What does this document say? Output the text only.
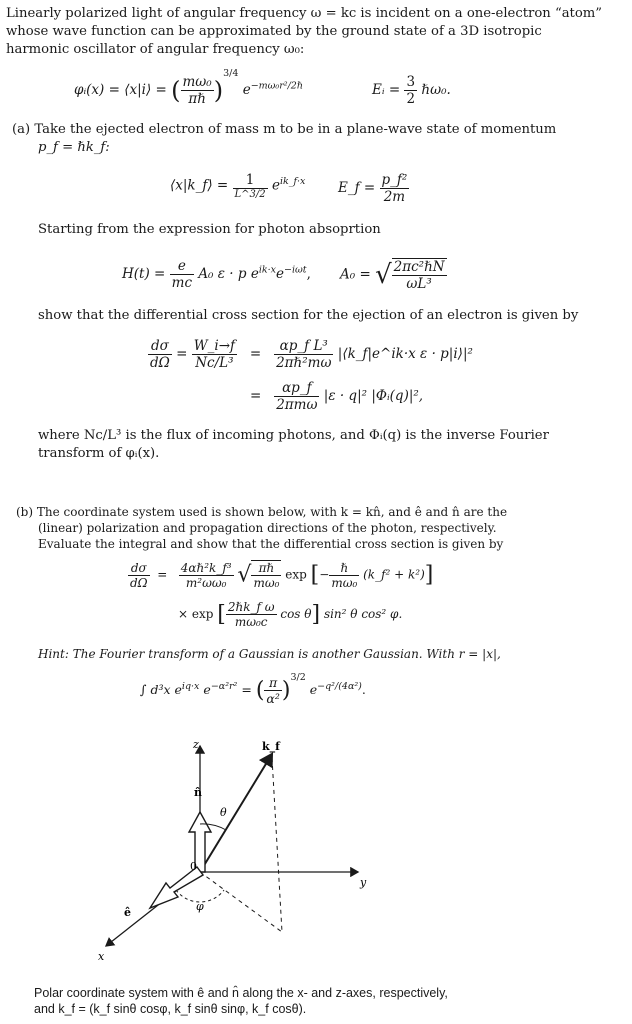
Linearly polarized light of angular frequency ω = kc is incident on a one-electron “atom”
whose wave function can be approximated by the ground state of a 3D isotropic
harmonic oscillator of angular frequency ω₀:
φᵢ(x) = ⟨x|i⟩ = ( $\frac{\text{mω₀}}{\text{πℏ}} )^{3/4}$ $e^{-m\omega_0r^2/2\hbar}$	Eᵢ = $\frac{3}{2}$ ℏω₀.
(a) Take the ejected electron of mass m to be in a plane-wave state of momentum
p_f = ℏk_f:
⟨x|k_f⟩ = $\frac{1}{L\^{}3/2} e^{ik\_f\cdot x}$ E_f = $\frac{\text{p\_f²}}{2m}$
Starting from the expression for photon absoprtion
$H(t) = \frac{e}{mc} A_0$ ε · p $e^{ik\cdot x}e^{-i\omega t}$, A₀ = √ $\frac{\text{2πc²ℏN}}{\text{ωL³}}$
show that the differential cross section for the ejection of an electron is given by
$\frac{d\sigma}{d\Omega} = \frac{W\_i\to f}{\text{Nc/L³}} = \frac{\text{αp\_f L³}}{\text{2πℏ²mω}}$ |⟨k_f|e^ik·x ε · p|i⟩|²
= $\frac{\alpha p\_f}{\text{2πmω}} |\varepsilon \cdot q|^2$ |Φᵢ(q)|²,
where Nc/L³ is the flux of incoming photons, and Φᵢ(q) is the inverse Fourier
transform of φᵢ(x).
(b) The coordinate system used is shown below, with k = kn̂, and ê and n̂ are the
(linear) polarization and propagation directions of the photon, respectively.
Evaluate the integral and show that the differential cross section is given by
$\frac{d\sigma}{d\Omega} = \frac{\text{4αℏ²k\_f³}}{\text{m²ωω₀}}$ √ $\frac{\text{πℏ}}{\text{mω₀}}$ exp [− $\frac{\text{ℏ}}{\text{mω₀}}$ (k_f² + k²)]
× exp [ $\frac{\text{2ℏk\_f ω}}{\text{mω₀c}}$ cos θ] sin² θ cos² φ.
Hint: The Fourier transform of a Gaussian is another Gaussian. With r = |x|,
∫ d³x $e^{iq\cdot x}$ $e^{-\alpha^2r^2}$ = ( $\frac{\pi}{\text{α²}} )^{3/2}$ $e^{-q^2/(4\alpha^2)}$.
z
y
x
0
n̂
ê
k_f
θ
φ
Polar coordinate system with ê and n̂ along the x- and z-axes, respectively,
and k_f = (k_f sinθ cosφ, k_f sinθ sinφ, k_f cosθ).
